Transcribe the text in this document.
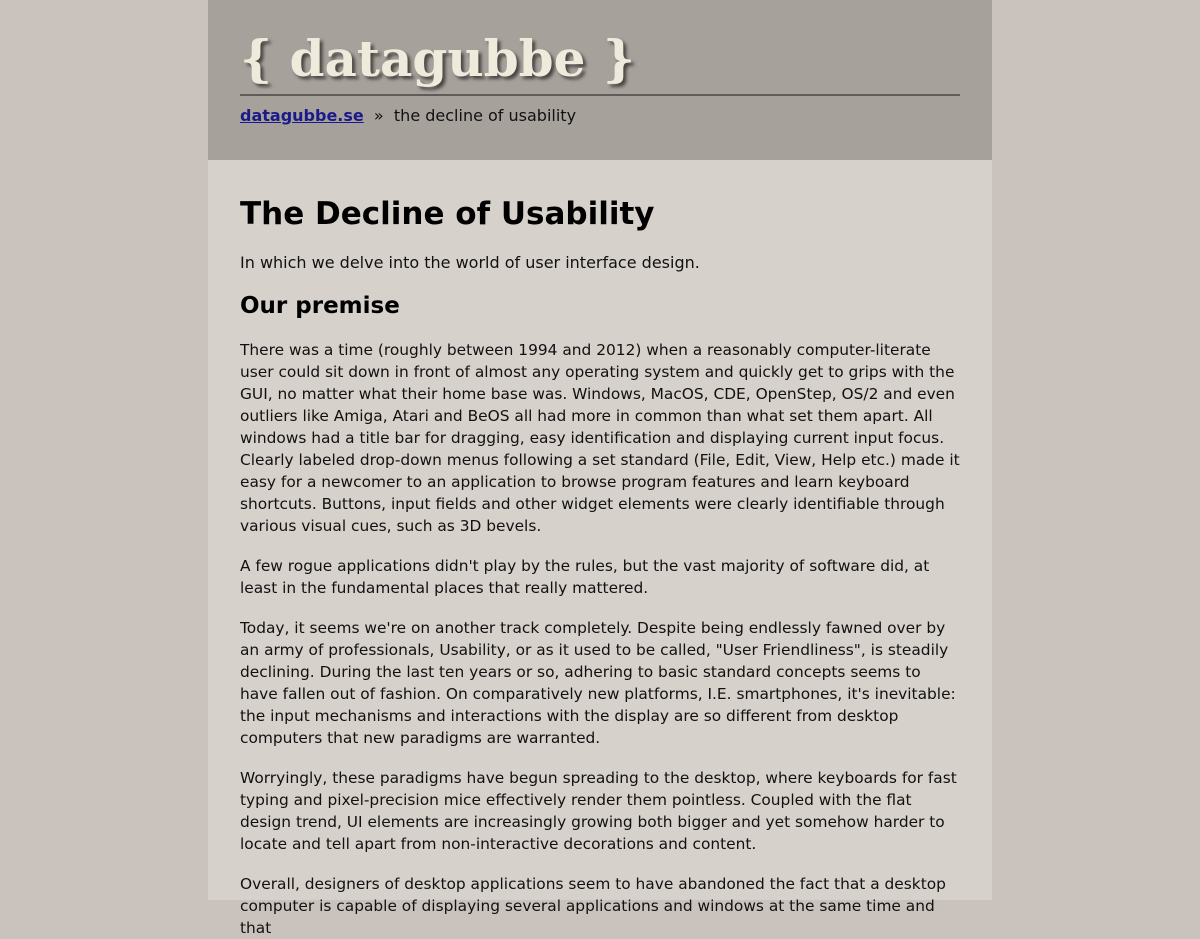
{ datagubbe }
datagubbe.se  »  the decline of usability
The Decline of Usability

In which we delve into the world of user interface design.

Our premise

There was a time (roughly between 1994 and 2012) when a reasonably computer-literate user could sit down in front of almost any operating system and quickly get to grips with the GUI, no matter what their home base was. Windows, MacOS, CDE, OpenStep, OS/2 and even outliers like Amiga, Atari and BeOS all had more in common than what set them apart. All windows had a title bar for dragging, easy identification and displaying current input focus. Clearly labeled drop-down menus following a set standard (File, Edit, View, Help etc.) made it easy for a newcomer to an application to browse program features and learn keyboard shortcuts. Buttons, input fields and other widget elements were clearly identifiable through various visual cues, such as 3D bevels.

A few rogue applications didn't play by the rules, but the vast majority of software did, at least in the fundamental places that really mattered.

Today, it seems we're on another track completely. Despite being endlessly fawned over by an army of professionals, Usability, or as it used to be called, "User Friendliness", is steadily declining. During the last ten years or so, adhering to basic standard concepts seems to have fallen out of fashion. On comparatively new platforms, I.E. smartphones, it's inevitable: the input mechanisms and interactions with the display are so different from desktop computers that new paradigms are warranted.

Worryingly, these paradigms have begun spreading to the desktop, where keyboards for fast typing and pixel-precision mice effectively render them pointless. Coupled with the flat design trend, UI elements are increasingly growing both bigger and yet somehow harder to locate and tell apart from non-interactive decorations and content.

Overall, designers of desktop applications seem to have abandoned the fact that a desktop computer is capable of displaying several applications and windows at the same time and that
